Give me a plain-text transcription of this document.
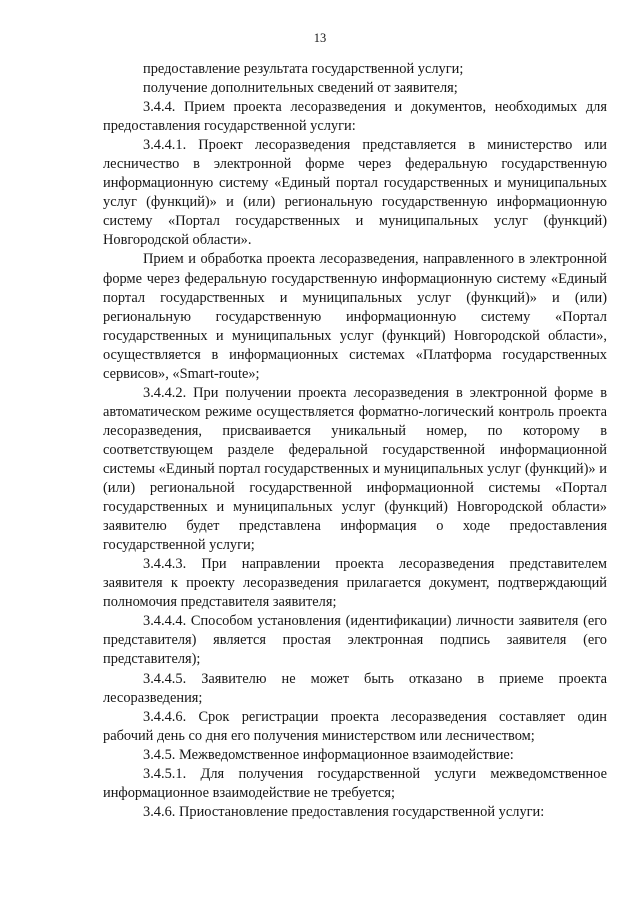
13

предоставление результата государственной услуги;

получение дополнительных сведений от заявителя;

3.4.4. Прием проекта лесоразведения и документов, необходимых для предоставления государственной услуги:

3.4.4.1. Проект лесоразведения представляется в министерство или лесничество в электронной форме через федеральную государственную информационную систему «Единый портал государственных и муниципальных услуг (функций)» и (или) региональную государственную информационную систему «Портал государственных и муниципальных услуг (функций) Новгородской области».

Прием и обработка проекта лесоразведения, направленного в электронной форме через федеральную государственную информационную систему «Единый портал государственных и муниципальных услуг (функций)» и (или) региональную государственную информационную систему «Портал государственных и муниципальных услуг (функций) Новгородской области», осуществляется в информационных системах «Платформа государственных сервисов», «Smart-route»;

3.4.4.2. При получении проекта лесоразведения в электронной форме в автоматическом режиме осуществляется форматно-логический контроль проекта лесоразведения, присваивается уникальный номер, по которому в соответствующем разделе федеральной государственной информационной системы «Единый портал государственных и муниципальных услуг (функций)» и (или) региональной государственной информационной системы «Портал государственных и муниципальных услуг (функций) Новгородской области» заявителю будет представлена информация о ходе предоставления государственной услуги;

3.4.4.3. При направлении проекта лесоразведения представителем заявителя к проекту лесоразведения прилагается документ, подтверждающий полномочия представителя заявителя;

3.4.4.4. Способом установления (идентификации) личности заявителя (его представителя) является простая электронная подпись заявителя (его представителя);

3.4.4.5. Заявителю не может быть отказано в приеме проекта лесоразведения;

3.4.4.6. Срок регистрации проекта лесоразведения составляет один рабочий день со дня его получения министерством или лесничеством;

3.4.5. Межведомственное информационное взаимодействие:

3.4.5.1. Для получения государственной услуги межведомственное информационное взаимодействие не требуется;

3.4.6. Приостановление предоставления государственной услуги:
